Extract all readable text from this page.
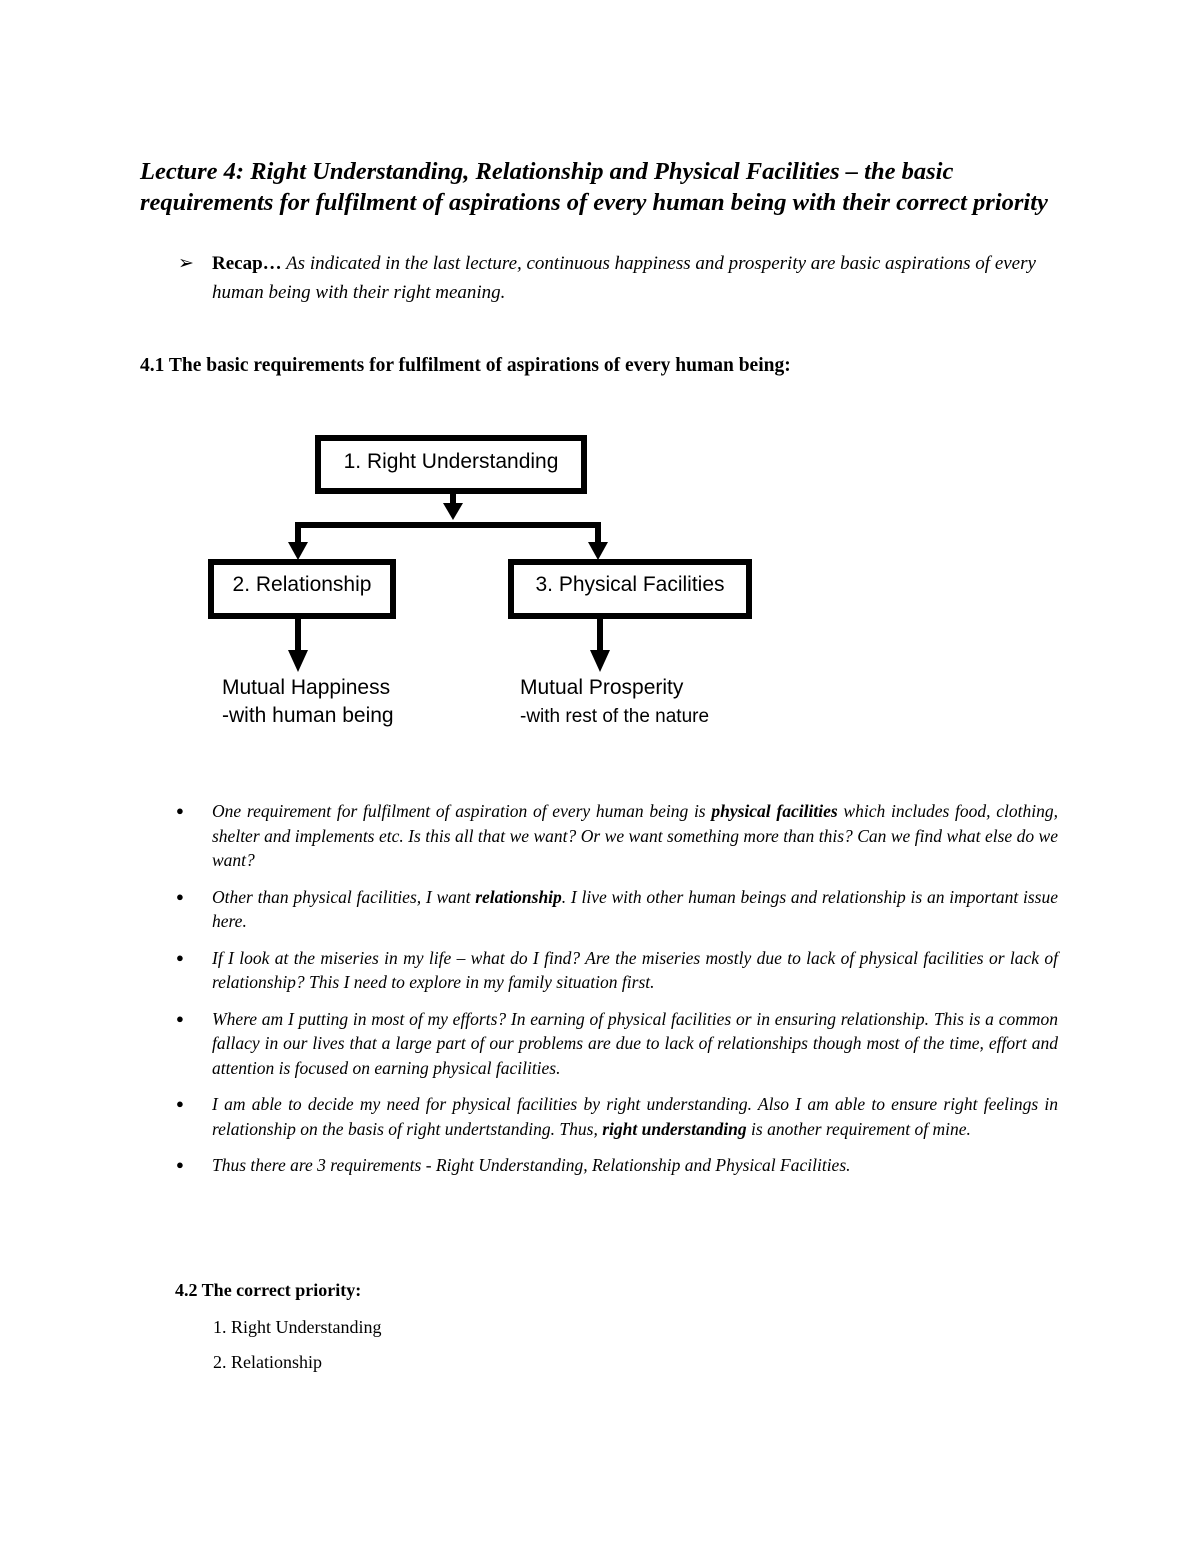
Lecture 4: Right Understanding, Relationship and Physical Facilities – the basic requirements for fulfilment of aspirations of every human being with their correct priority
➢ Recap… As indicated in the last lecture, continuous happiness and prosperity are basic aspirations of every human being with their right meaning.
4.1 The basic requirements for fulfilment of aspirations of every human being:
1. Right Understanding
2. Relationship	3. Physical Facilities
Mutual Happiness
-with human being
Mutual Prosperity
-with rest of the nature
● One requirement for fulfilment of aspiration of every human being is physical facilities which includes food, clothing, shelter and implements etc. Is this all that we want? Or we want something more than this? Can we find what else do we want?
● Other than physical facilities, I want relationship. I live with other human beings and relationship is an important issue here.
● If I look at the miseries in my life – what do I find? Are the miseries mostly due to lack of physical facilities or lack of relationship? This I need to explore in my family situation first.
● Where am I putting in most of my efforts? In earning of physical facilities or in ensuring relationship. This is a common fallacy in our lives that a large part of our problems are due to lack of relationships though most of the time, effort and attention is focused on earning physical facilities.
● I am able to decide my need for physical facilities by right understanding. Also I am able to ensure right feelings in relationship on the basis of right undertstanding. Thus, right understanding is another requirement of mine.
● Thus there are 3 requirements - Right Understanding, Relationship and Physical Facilities.
4.2 The correct priority:
1. Right Understanding
2. Relationship
